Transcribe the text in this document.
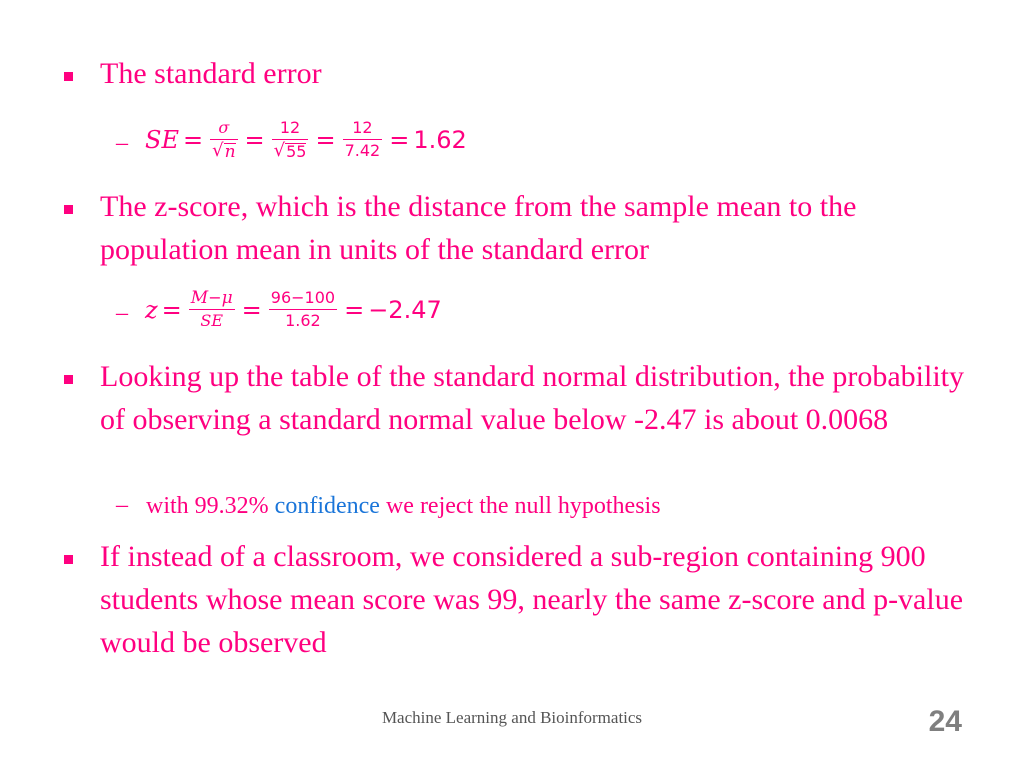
The standard error
– SE = $\frac{\sigma}{√ n} = \frac{12}{√ 55} = \frac{12}{7.42} = 1.62$
The z-score, which is the distance from the sample mean to the population mean in units of the standard error
– $z = \frac{M-\mu}{SE} = \frac{96-100}{1.62} = -2.47$
Looking up the table of the standard normal distribution, the probability of observing a standard normal value below -2.47 is about 0.0068
– with 99.32% confidence we reject the null hypothesis
If instead of a classroom, we considered a sub-region containing 900 students whose mean score was 99, nearly the same z-score and p-value would be observed
Machine Learning and Bioinformatics	24
